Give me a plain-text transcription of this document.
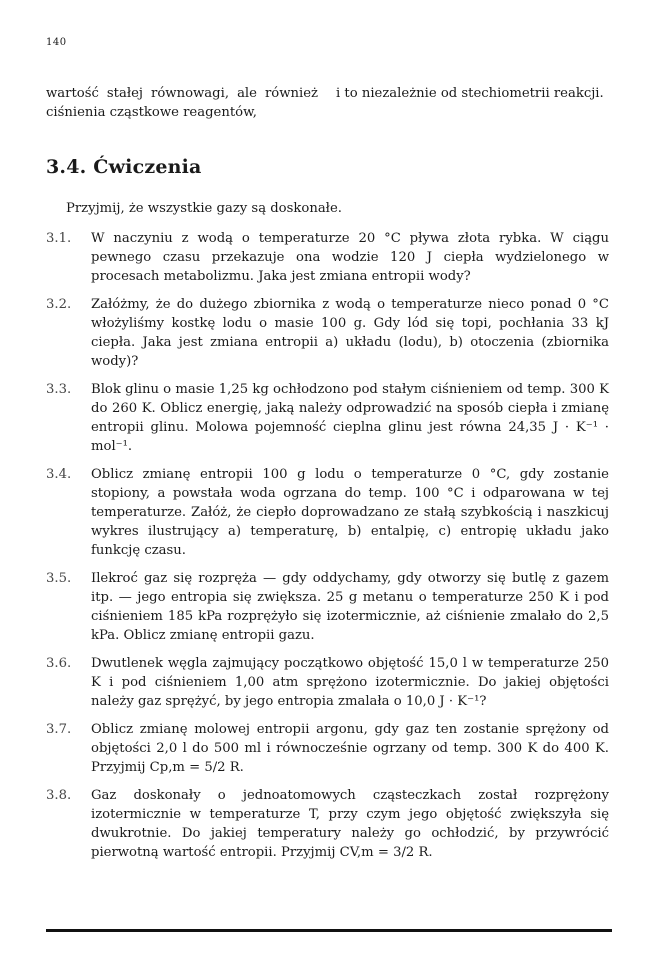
140
wartość stałej równowagi, ale również ciśnienia cząstkowe reagentów,
i to niezależnie od stechiometrii reakcji.
3.4. Ćwiczenia
Przyjmij, że wszystkie gazy są doskonałe.
3.1.	W naczyniu z wodą o temperaturze 20 °C pływa złota rybka. W ciągu pewnego czasu przekazuje ona wodzie 120 J ciepła wydzielonego w procesach metabolizmu. Jaka jest zmiana entropii wody?
3.2.	Załóżmy, że do dużego zbiornika z wodą o temperaturze nieco ponad 0 °C włożyliśmy kostkę lodu o masie 100 g. Gdy lód się topi, pochłania 33 kJ ciepła. Jaka jest zmiana entropii a) układu (lodu), b) otoczenia (zbiornika wody)?
3.3.	Blok glinu o masie 1,25 kg ochłodzono pod stałym ciśnieniem od temp. 300 K do 260 K. Oblicz energię, jaką należy odprowadzić na sposób ciepła i zmianę entropii glinu. Molowa pojemność cieplna glinu jest równa 24,35 J · K⁻¹ · mol⁻¹.
3.4.	Oblicz zmianę entropii 100 g lodu o temperaturze 0 °C, gdy zostanie stopiony, a powstała woda ogrzana do temp. 100 °C i odparowana w tej temperaturze. Załóż, że ciepło doprowadzano ze stałą szybkością i naszkicuj wykres ilustrujący a) temperaturę, b) entalpię, c) entropię układu jako funkcję czasu.
3.5.	Ilekroć gaz się rozpręża — gdy oddychamy, gdy otworzy się butlę z gazem itp. — jego entropia się zwiększa. 25 g metanu o temperaturze 250 K i pod ciśnieniem 185 kPa rozprężyło się izotermicznie, aż ciśnienie zmalało do 2,5 kPa. Oblicz zmianę entropii gazu.
3.6.	Dwutlenek węgla zajmujący początkowo objętość 15,0 l w temperaturze 250 K i pod ciśnieniem 1,00 atm sprężono izotermicznie. Do jakiej objętości należy gaz sprężyć, by jego entropia zmalała o 10,0 J · K⁻¹?
3.7.	Oblicz zmianę molowej entropii argonu, gdy gaz ten zostanie sprężony od objętości 2,0 l do 500 ml i równocześnie ogrzany od temp. 300 K do 400 K. Przyjmij Cp,m = 5/2 R.
3.8.	Gaz doskonały o jednoatomowych cząsteczkach został rozprężony izotermicznie w temperaturze T, przy czym jego objętość zwiększyła się dwukrotnie. Do jakiej temperatury należy go ochłodzić, by przywrócić pierwotną wartość entropii. Przyjmij CV,m = 3/2 R.
